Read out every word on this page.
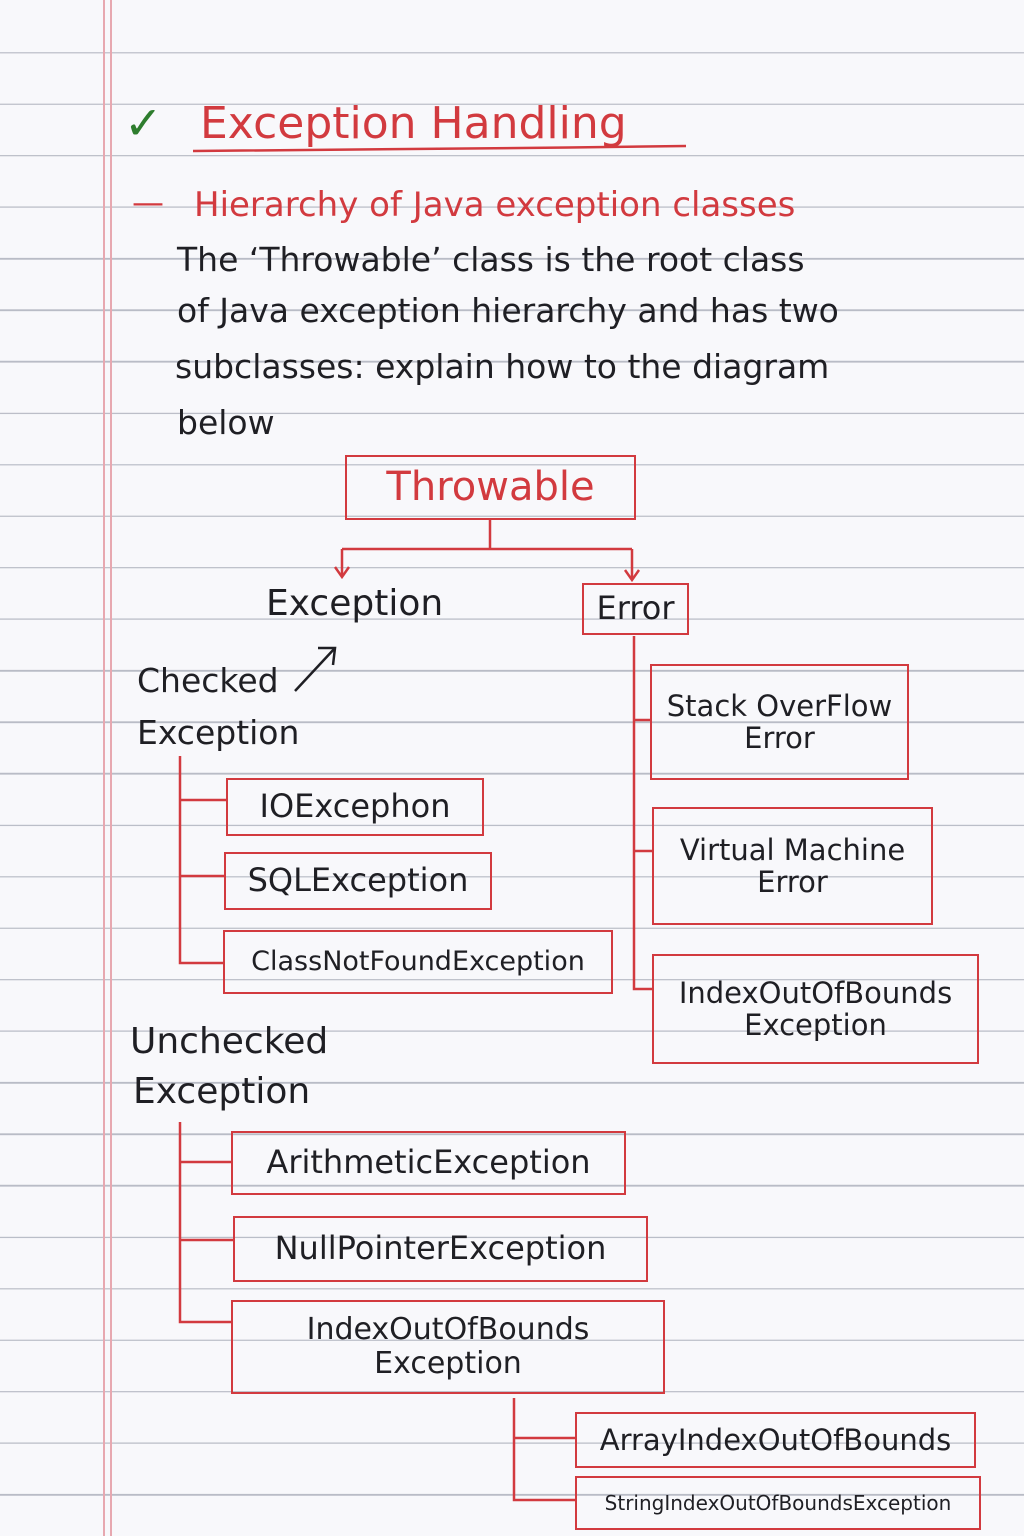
✓ Exception Handling
— Hierarchy of Java exception classes
The ‘Throwable’ class is the root class
of Java exception hierarchy and has two
subclasses: explain how to the diagram
below
Throwable
Exception	Error
Checked
Exception
IOExcephon
SQLException
ClassNotFoundException
Stack OverFlow
Error
Virtual Machine
Error
IndexOutOfBounds
Exception
Unchecked
Exception
ArithmeticException
NullPointerException
IndexOutOfBounds
Exception
ArrayIndexOutOfBounds
StringIndexOutOfBoundsException
